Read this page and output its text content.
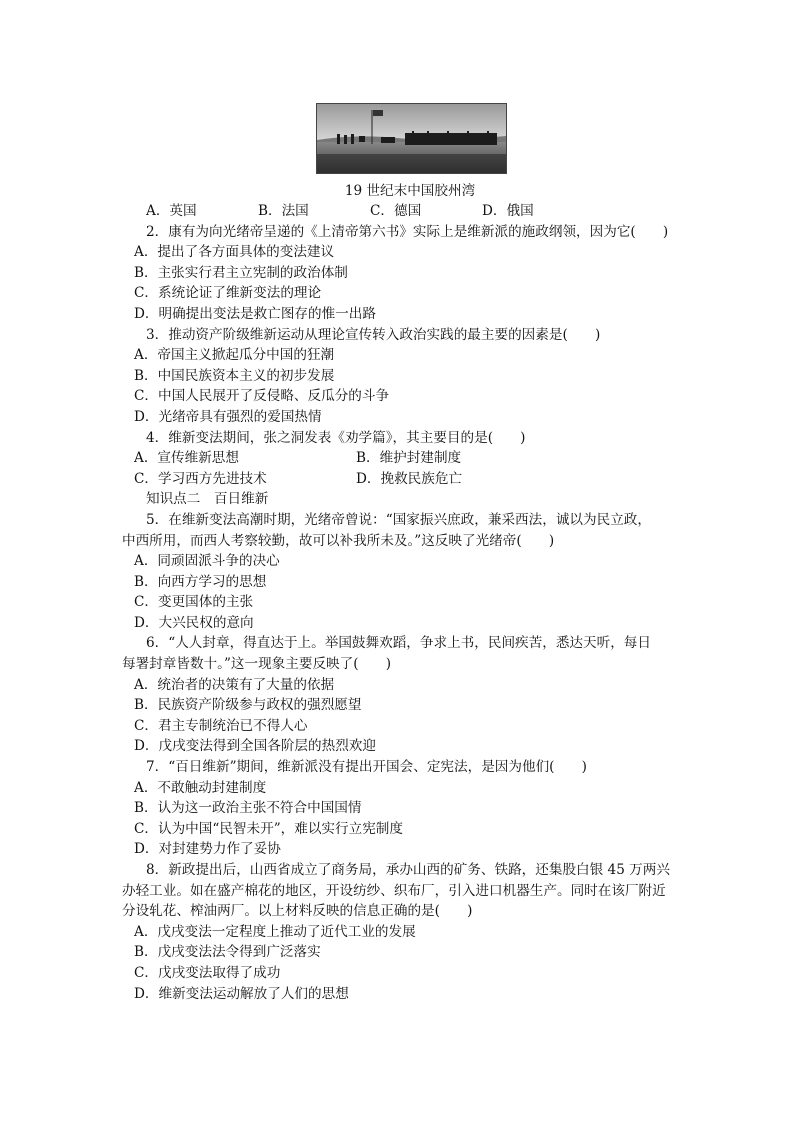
19 世纪末中国胶州湾
A．英国	B．法国	C．德国	D．俄国
2．康有为向光绪帝呈递的《上清帝第六书》实际上是维新派的施政纲领，因为它(　　)
A．提出了各方面具体的变法建议
B．主张实行君主立宪制的政治体制
C．系统论证了维新变法的理论
D．明确提出变法是救亡图存的惟一出路
3．推动资产阶级维新运动从理论宣传转入政治实践的最主要的因素是(　　)
A．帝国主义掀起瓜分中国的狂潮
B．中国民族资本主义的初步发展
C．中国人民展开了反侵略、反瓜分的斗争
D．光绪帝具有强烈的爱国热情
4．维新变法期间，张之洞发表《劝学篇》，其主要目的是(　　)
A．宣传维新思想	B．维护封建制度
C．学习西方先进技术	D．挽救民族危亡
知识点二　百日维新
5．在维新变法高潮时期，光绪帝曾说：“国家振兴庶政，兼采西法，诚以为民立政，
中西所用，而西人考察较勤，故可以补我所未及。”这反映了光绪帝(　　)
A．同顽固派斗争的决心
B．向西方学习的思想
C．变更国体的主张
D．大兴民权的意向
6．“人人封章，得直达于上。举国鼓舞欢蹈，争求上书，民间疾苦，悉达天听，每日
每署封章皆数十。”这一现象主要反映了(　　)
A．统治者的决策有了大量的依据
B．民族资产阶级参与政权的强烈愿望
C．君主专制统治已不得人心
D．戊戌变法得到全国各阶层的热烈欢迎
7．“百日维新”期间，维新派没有提出开国会、定宪法，是因为他们(　　)
A．不敢触动封建制度
B．认为这一政治主张不符合中国国情
C．认为中国“民智未开”，难以实行立宪制度
D．对封建势力作了妥协
8．新政提出后，山西省成立了商务局，承办山西的矿务、铁路，还集股白银 45 万两兴
办轻工业。如在盛产棉花的地区，开设纺纱、织布厂，引入进口机器生产。同时在该厂附近
分设轧花、榨油两厂。以上材料反映的信息正确的是(　　)
A．戊戌变法一定程度上推动了近代工业的发展
B．戊戌变法法令得到广泛落实
C．戊戌变法取得了成功
D．维新变法运动解放了人们的思想
